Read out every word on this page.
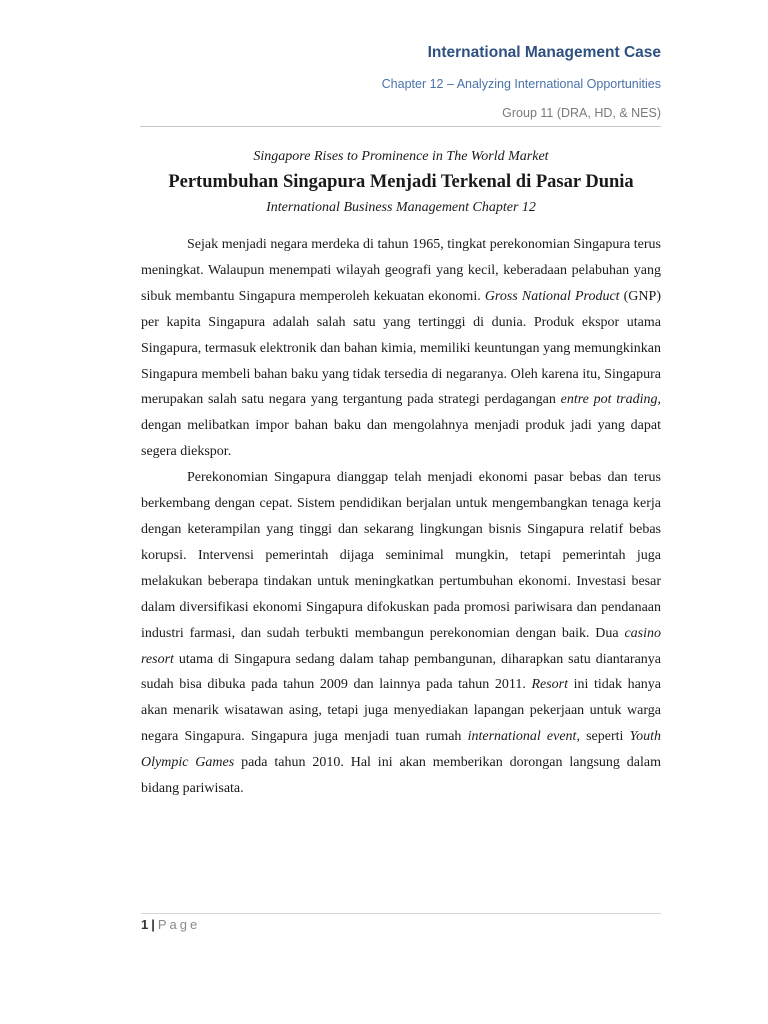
International Management Case
Chapter 12 – Analyzing International Opportunities
Group 11 (DRA, HD, & NES)
Singapore Rises to Prominence in The World Market
Pertumbuhan Singapura Menjadi Terkenal di Pasar Dunia
International Business Management Chapter 12

Sejak menjadi negara merdeka di tahun 1965, tingkat perekonomian Singapura terus meningkat. Walaupun menempati wilayah geografi yang kecil, keberadaan pelabuhan yang sibuk membantu Singapura memperoleh kekuatan ekonomi. Gross National Product (GNP) per kapita Singapura adalah salah satu yang tertinggi di dunia. Produk ekspor utama Singapura, termasuk elektronik dan bahan kimia, memiliki keuntungan yang memungkinkan Singapura membeli bahan baku yang tidak tersedia di negaranya. Oleh karena itu, Singapura merupakan salah satu negara yang tergantung pada strategi perdagangan entre pot trading, dengan melibatkan impor bahan baku dan mengolahnya menjadi produk jadi yang dapat segera diekspor.

Perekonomian Singapura dianggap telah menjadi ekonomi pasar bebas dan terus berkembang dengan cepat. Sistem pendidikan berjalan untuk mengembangkan tenaga kerja dengan keterampilan yang tinggi dan sekarang lingkungan bisnis Singapura relatif bebas korupsi. Intervensi pemerintah dijaga seminimal mungkin, tetapi pemerintah juga melakukan beberapa tindakan untuk meningkatkan pertumbuhan ekonomi. Investasi besar dalam diversifikasi ekonomi Singapura difokuskan pada promosi pariwisara dan pendanaan industri farmasi, dan sudah terbukti membangun perekonomian dengan baik. Dua casino resort utama di Singapura sedang dalam tahap pembangunan, diharapkan satu diantaranya sudah bisa dibuka pada tahun 2009 dan lainnya pada tahun 2011. Resort ini tidak hanya akan menarik wisatawan asing, tetapi juga menyediakan lapangan pekerjaan untuk warga negara Singapura. Singapura juga menjadi tuan rumah international event, seperti Youth Olympic Games pada tahun 2010. Hal ini akan memberikan dorongan langsung dalam bidang pariwisata.

1 | Page
